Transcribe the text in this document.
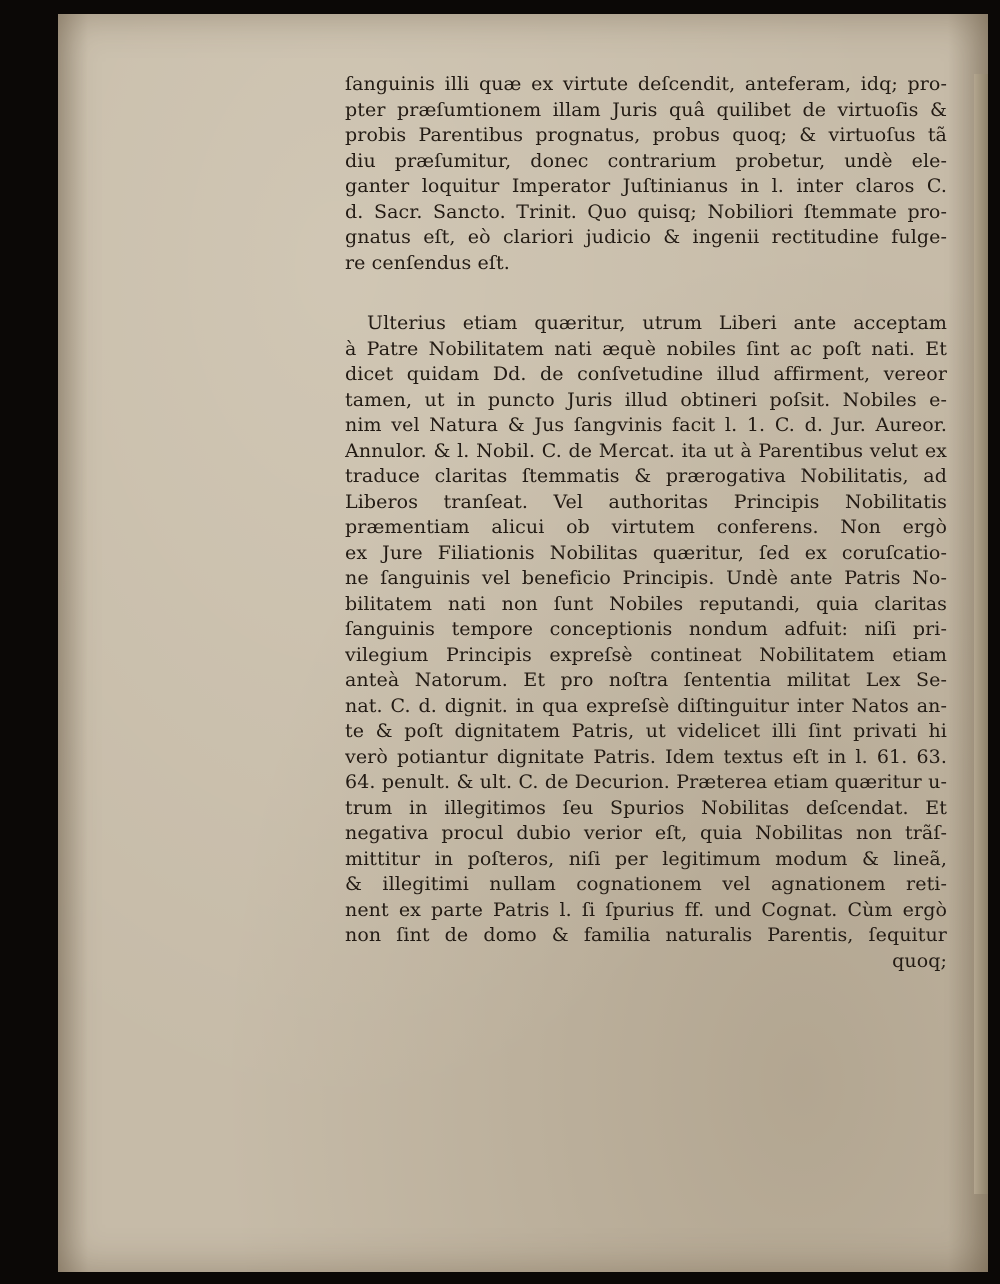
ſanguinis illi quæ ex virtute deſcendit, anteferam, idq; pro-
pter præſumtionem illam Juris quâ quilibet de virtuoſis &
probis Parentibus prognatus, probus quoq; & virtuoſus tã
diu præſumitur, donec contrarium probetur, undè ele-
ganter loquitur Imperator Juſtinianus in l. inter claros C.
d. Sacr. Sancto. Trinit. Quo quisq; Nobiliori ſtemmate pro-
gnatus eſt, eò clariori judicio & ingenii rectitudine fulge-
re cenſendus eſt.
Ulterius etiam quæritur, utrum Liberi ante acceptam
à Patre Nobilitatem nati æquè nobiles ſint ac poſt nati. Et
dicet quidam Dd. de conſvetudine illud affirment, vereor
tamen, ut in puncto Juris illud obtineri poſsit. Nobiles e-
nim vel Natura & Jus ſangvinis facit l. 1. C. d. Jur. Aureor.
Annulor. & l. Nobil. C. de Mercat. ita ut à Parentibus velut ex
traduce claritas ſtemmatis & prærogativa Nobilitatis, ad
Liberos tranſeat. Vel authoritas Principis Nobilitatis
præmentiam alicui ob virtutem conferens. Non ergò
ex Jure Filiationis Nobilitas quæritur, ſed ex coruſcatio-
ne ſanguinis vel beneficio Principis. Undè ante Patris No-
bilitatem nati non ſunt Nobiles reputandi, quia claritas
ſanguinis tempore conceptionis nondum adfuit: niſi pri-
vilegium Principis expreſsè contineat Nobilitatem etiam
anteà Natorum. Et pro noſtra ſententia militat Lex Se-
nat. C. d. dignit. in qua expreſsè diſtinguitur inter Natos an-
te & poſt dignitatem Patris, ut videlicet illi ſint privati hi
verò potiantur dignitate Patris. Idem textus eſt in l. 61. 63.
64. penult. & ult. C. de Decurion. Præterea etiam quæritur u-
trum in illegitimos ſeu Spurios Nobilitas deſcendat. Et
negativa procul dubio verior eſt, quia Nobilitas non trãſ-
mittitur in poſteros, niſi per legitimum modum & lineã,
& illegitimi nullam cognationem vel agnationem reti-
nent ex parte Patris l. ſi ſpurius ff. und Cognat. Cùm ergò
non ſint de domo & familia naturalis Parentis, ſequitur
quoq;
